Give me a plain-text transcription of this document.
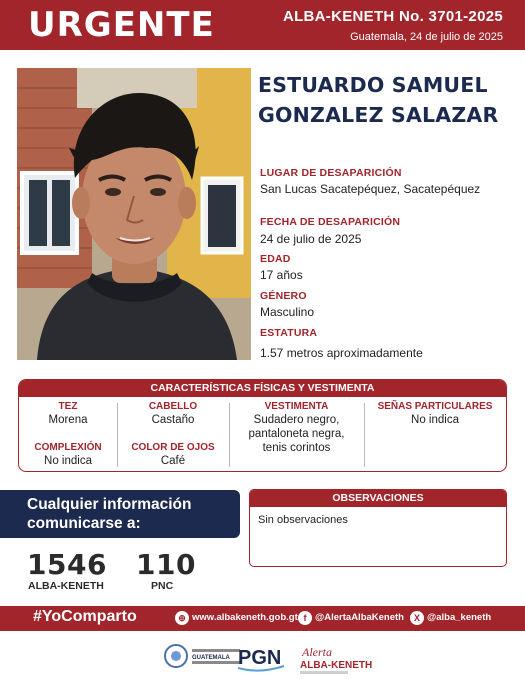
URGENTE	ALBA-KENETH No. 3701-2025
Guatemala, 24 de julio de 2025
ESTUARDO SAMUEL
GONZALEZ SALAZAR
LUGAR DE DESAPARICIÓN
San Lucas Sacatepéquez, Sacatepéquez
FECHA DE DESAPARICIÓN
24 de julio de 2025
EDAD
17 años
GÉNERO
Masculino
ESTATURA
1.57 metros aproximadamente
CARACTERÍSTICAS FÍSICAS Y VESTIMENTA
TEZ
Morena
COMPLEXIÓN
No indica
CABELLO
Castaño
COLOR DE OJOS
Café
VESTIMENTA
Sudadero negro,
pantaloneta negra,
tenis corintos
SEÑAS PARTICULARES
No indica
Cualquier información
comunicarse a:
1546
ALBA-KENETH
110
PNC
OBSERVACIONES
Sin observaciones
#YoComparto	⊕ www.albakeneth.gob.gt f @AlertaAlbaKeneth	X @alba_keneth
GUATEMALA PGN Alerta
ALBA-KENETH
